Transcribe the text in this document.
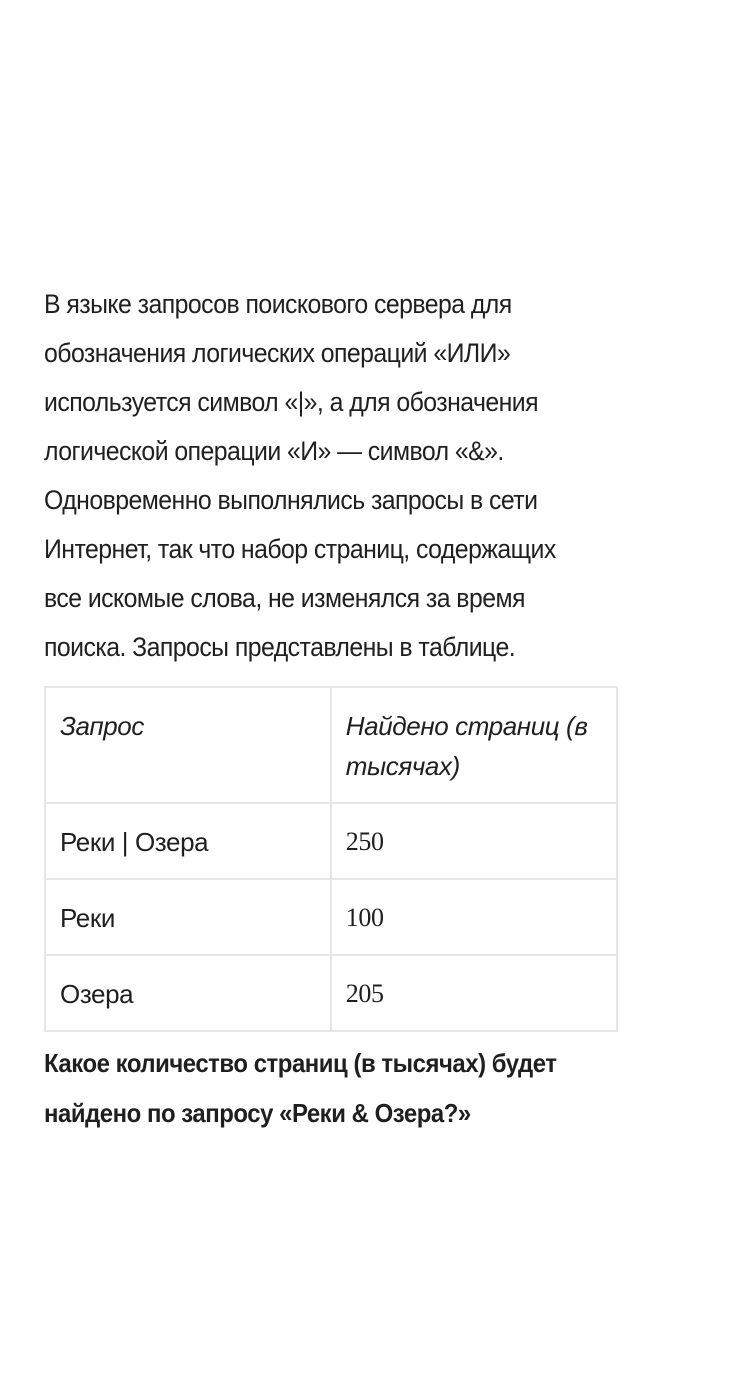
В языке запросов поискового сервера для
обозначения логических операций «ИЛИ»
используется символ «|», а для обозначения
логической операции «И» — символ «&».
Одновременно выполнялись запросы в сети
Интернет, так что набор страниц, содержащих
все искомые слова, не изменялся за время
поиска. Запросы представлены в таблице.

Запрос	Найдено страниц (в тысячах)
Реки | Озера	250
Реки	100
Озера	205

Какое количество страниц (в тысячах) будет
найдено по запросу «Реки & Озера?»
